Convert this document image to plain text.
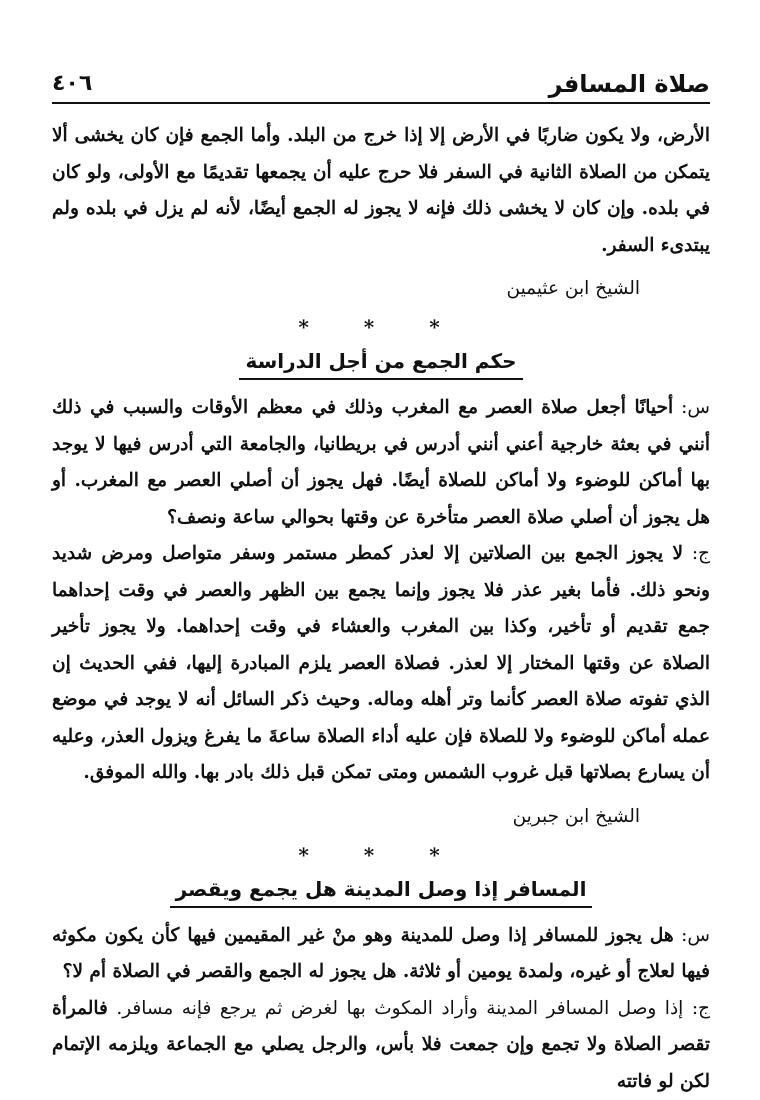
صلاة المسافر
٤٠٦

الأرض، ولا يكون ضاربًا في الأرض إلا إذا خرج من البلد. وأما الجمع فإن كان يخشى ألا يتمكن من الصلاة الثانية في السفر فلا حرج عليه أن يجمعها تقديمًا مع الأولى، ولو كان في بلده. وإن كان لا يخشى ذلك فإنه لا يجوز له الجمع أيضًا، لأنه لم يزل في بلده ولم يبتدىء السفر.

الشيخ ابن عثيمين

* * *
حكم الجمع من أجل الدراسة

س: أحيانًا أجعل صلاة العصر مع المغرب وذلك في معظم الأوقات والسبب في ذلك أنني في بعثة خارجية أعني أنني أدرس في بريطانيا، والجامعة التي أدرس فيها لا يوجد بها أماكن للوضوء ولا أماكن للصلاة أيضًا. فهل يجوز أن أصلي العصر مع المغرب. أو هل يجوز أن أصلي صلاة العصر متأخرة عن وقتها بحوالي ساعة ونصف؟

ج: لا يجوز الجمع بين الصلاتين إلا لعذر كمطر مستمر وسفر متواصل ومرض شديد ونحو ذلك. فأما بغير عذر فلا يجوز وإنما يجمع بين الظهر والعصر في وقت إحداهما جمع تقديم أو تأخير، وكذا بين المغرب والعشاء في وقت إحداهما. ولا يجوز تأخير الصلاة عن وقتها المختار إلا لعذر. فصلاة العصر يلزم المبادرة إليها، ففي الحديث إن الذي تفوته صلاة العصر كأنما وتر أهله وماله. وحيث ذكر السائل أنه لا يوجد في موضع عمله أماكن للوضوء ولا للصلاة فإن عليه أداء الصلاة ساعةَ ما يفرغ ويزول العذر، وعليه أن يسارع بصلاتها قبل غروب الشمس ومتى تمكن قبل ذلك بادر بها. والله الموفق.

الشيخ ابن جبرين

* * *
المسافر إذا وصل المدينة هل يجمع ويقصر

س: هل يجوز للمسافر إذا وصل للمدينة وهو منْ غير المقيمين فيها كأن يكون مكوثه فيها لعلاج أو غيره، ولمدة يومين أو ثلاثة. هل يجوز له الجمع والقصر في الصلاة أم لا؟

ج: إذا وصل المسافر المدينة وأراد المكوث بها لغرض ثم يرجع فإنه مسافر. فالمرأة تقصر الصلاة ولا تجمع وإن جمعت فلا بأس، والرجل يصلي مع الجماعة ويلزمه الإتمام لكن لو فاتته
